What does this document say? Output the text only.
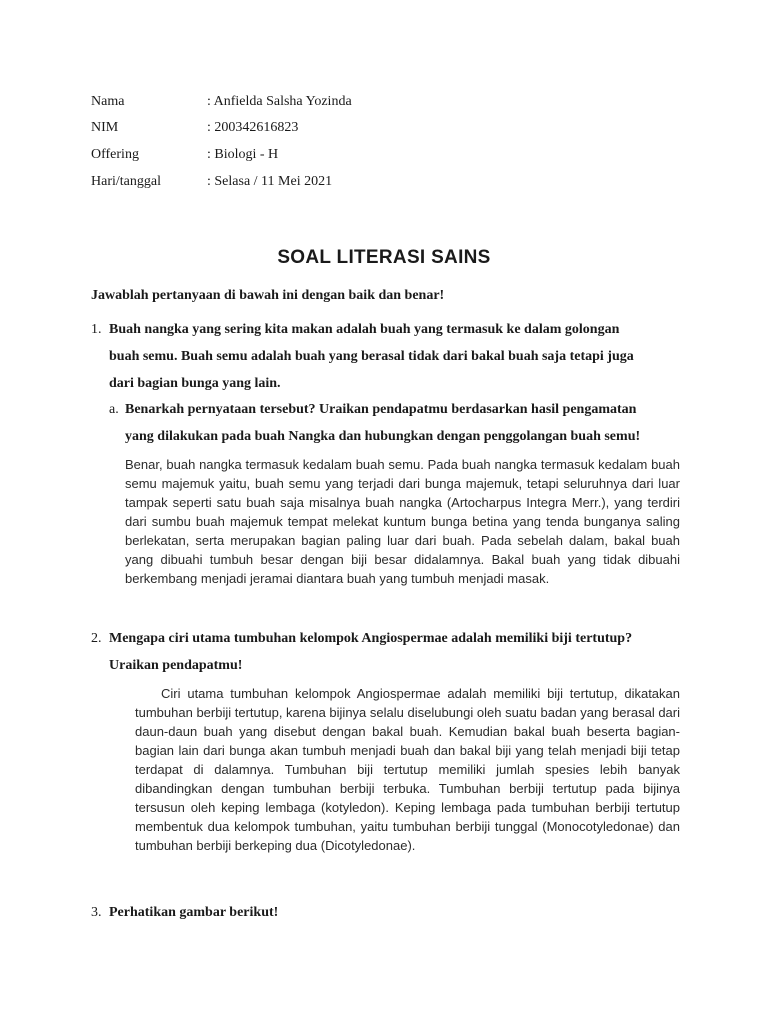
Nama	: Anfielda Salsha Yozinda
NIM	: 200342616823
Offering	: Biologi - H
Hari/tanggal	: Selasa / 11 Mei 2021
SOAL LITERASI SAINS
Jawablah pertanyaan di bawah ini dengan baik dan benar!
1. Buah nangka yang sering kita makan adalah buah yang termasuk ke dalam golongan
buah semu. Buah semu adalah buah yang berasal tidak dari bakal buah saja tetapi juga
dari bagian bunga yang lain.
a. Benarkah pernyataan tersebut? Uraikan pendapatmu berdasarkan hasil pengamatan
yang dilakukan pada buah Nangka dan hubungkan dengan penggolangan buah semu!
Benar, buah nangka termasuk kedalam buah semu. Pada buah nangka termasuk kedalam buah semu majemuk yaitu, buah semu yang terjadi dari bunga majemuk, tetapi seluruhnya dari luar tampak seperti satu buah saja misalnya buah nangka (Artocharpus Integra Merr.), yang terdiri dari sumbu buah majemuk tempat melekat kuntum bunga betina yang tenda bunganya saling berlekatan, serta merupakan bagian paling luar dari buah. Pada sebelah dalam, bakal buah yang dibuahi tumbuh besar dengan biji besar didalamnya. Bakal buah yang tidak dibuahi berkembang menjadi jeramai diantara buah yang tumbuh menjadi masak.
2. Mengapa ciri utama tumbuhan kelompok Angiospermae adalah memiliki biji tertutup?
Uraikan pendapatmu!
Ciri utama tumbuhan kelompok Angiospermae adalah memiliki biji tertutup, dikatakan tumbuhan berbiji tertutup, karena bijinya selalu diselubungi oleh suatu badan yang berasal dari daun-daun buah yang disebut dengan bakal buah. Kemudian bakal buah beserta bagian-bagian lain dari bunga akan tumbuh menjadi buah dan bakal biji yang telah menjadi biji tetap terdapat di dalamnya. Tumbuhan biji tertutup memiliki jumlah spesies lebih banyak dibandingkan dengan tumbuhan berbiji terbuka. Tumbuhan berbiji tertutup pada bijinya tersusun oleh keping lembaga (kotyledon). Keping lembaga pada tumbuhan berbiji tertutup membentuk dua kelompok tumbuhan, yaitu tumbuhan berbiji tunggal (Monocotyledonae) dan tumbuhan berbiji berkeping dua (Dicotyledonae).
3. Perhatikan gambar berikut!
